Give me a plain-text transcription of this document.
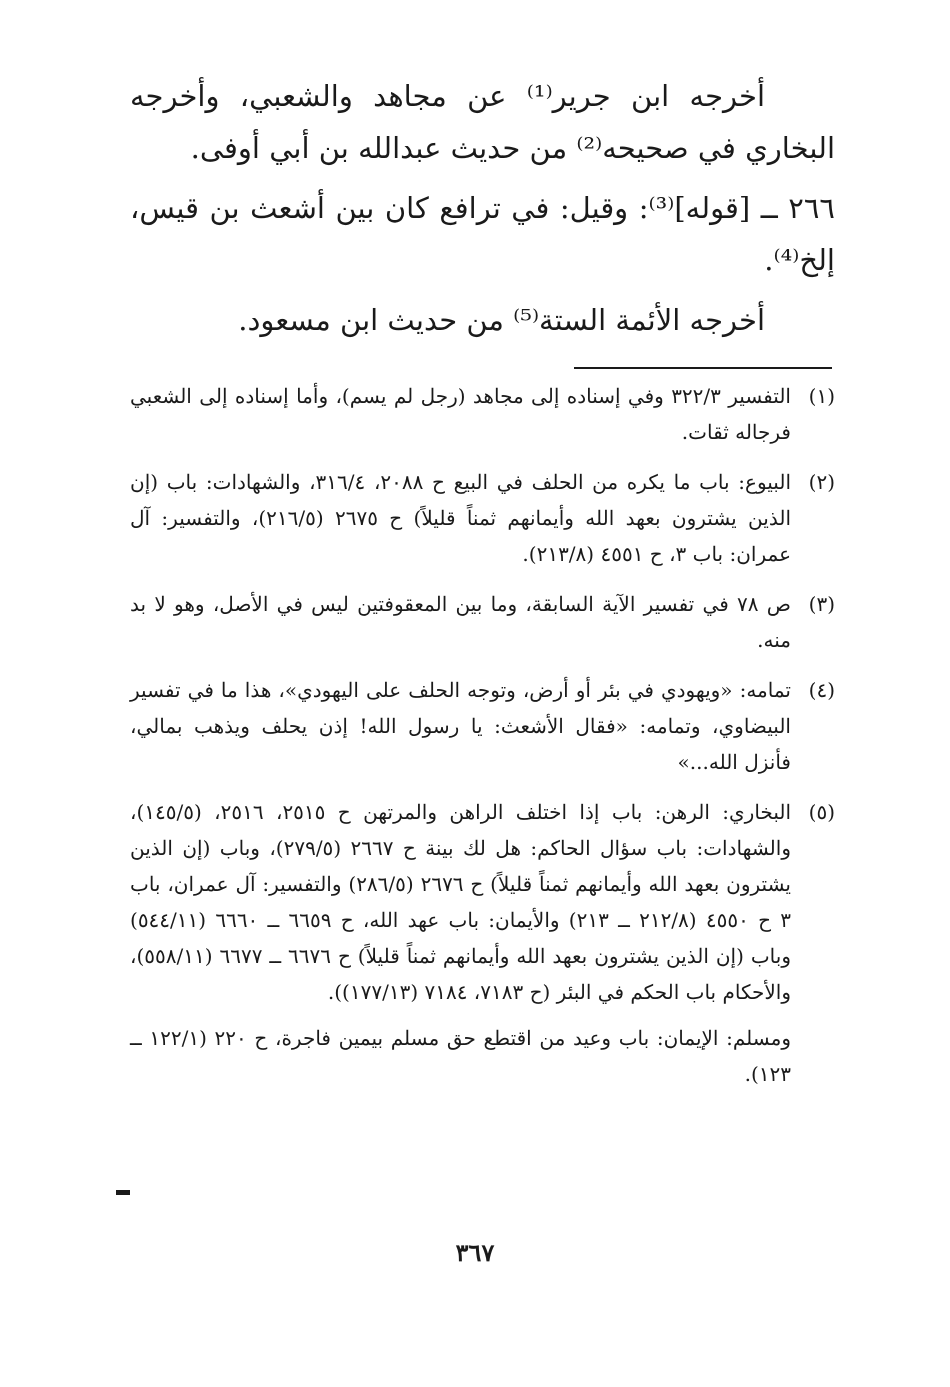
أخرجه ابن جرير⁽¹⁾ عن مجاهد والشعبي، وأخرجه البخاري في صحيحه⁽²⁾ من حديث عبدالله بن أبي أوفى.

٢٦٦ ــ [قوله]⁽³⁾: وقيل: في ترافع كان بين أشعث بن قيس، إلخ⁽⁴⁾.

أخرجه الأئمة الستة⁽⁵⁾ من حديث ابن مسعود.

(١)
التفسير ٣٢٢/٣ وفي إسناده إلى مجاهد (رجل لم يسم)، وأما إسناده إلى الشعبي فرجاله ثقات.
(٢)
البيوع: باب ما يكره من الحلف في البيع ح ٢٠٨٨، ٣١٦/٤، والشهادات: باب (إن الذين يشترون بعهد الله وأيمانهم ثمناً قليلاً) ح ٢٦٧٥ (٢١٦/٥)، والتفسير: آل عمران: باب ٣، ح ٤٥٥١ (٢١٣/٨).
(٣)
ص ٧٨ في تفسير الآية السابقة، وما بين المعقوفتين ليس في الأصل، وهو لا بد منه.
(٤)
تمامه: «ويهودي في بئر أو أرض، وتوجه الحلف على اليهودي»، هذا ما في تفسير البيضاوي، وتمامه: «فقال الأشعث: يا رسول الله! إذن يحلف ويذهب بمالي، فأنزل الله...»
(٥)
البخاري: الرهن: باب إذا اختلف الراهن والمرتهن ح ٢٥١٥، ٢٥١٦، (١٤٥/٥)، والشهادات: باب سؤال الحاكم: هل لك بينة ح ٢٦٦٧ (٢٧٩/٥)، وباب (إن الذين يشترون بعهد الله وأيمانهم ثمناً قليلاً) ح ٢٦٧٦ (٢٨٦/٥) والتفسير: آل عمران، باب ٣ ح ٤٥٥٠ (٢١٢/٨ ــ ٢١٣) والأيمان: باب عهد الله، ح ٦٦٥٩ ــ ٦٦٦٠ (٥٤٤/١١) وباب (إن الذين يشترون بعهد الله وأيمانهم ثمناً قليلاً) ح ٦٦٧٦ ــ ٦٦٧٧ (٥٥٨/١١)، والأحكام باب الحكم في البئر (ح ٧١٨٣، ٧١٨٤ (١٧٧/١٣)).
ومسلم: الإيمان: باب وعيد من اقتطع حق مسلم بيمين فاجرة، ح ٢٢٠ (١٢٢/١ ــ ١٢٣).
٣٦٧
